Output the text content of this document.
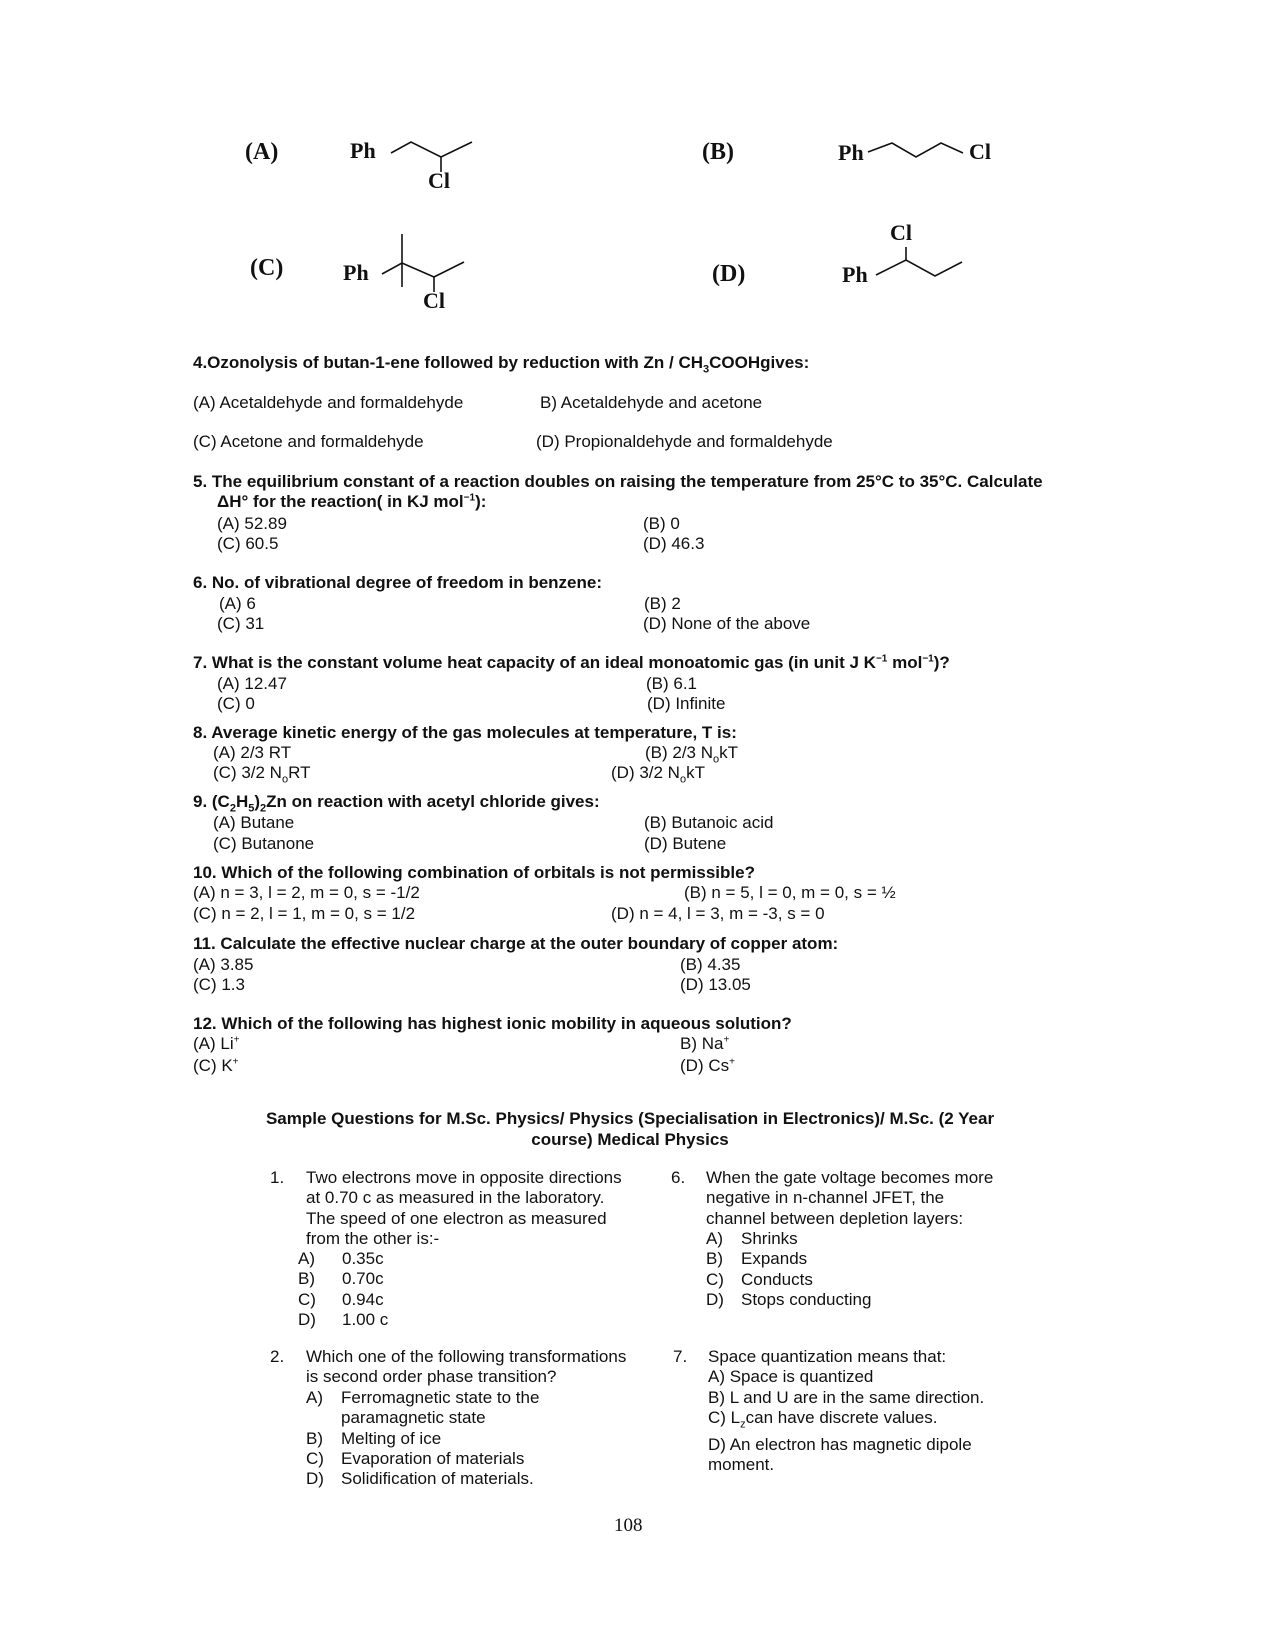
(A)	Ph
Cl
(B)	Ph	Cl
(C)	Ph
Cl
Cl
(D)	Ph
4.Ozonolysis of butan-1-ene followed by reduction with Zn / $CH_3COOHgives$:
(A) Acetaldehyde and formaldehyde	B) Acetaldehyde and acetone
(C) Acetone and formaldehyde	(D) Propionaldehyde and formaldehyde
5. The equilibrium constant of a reaction doubles on raising the temperature from 25°C to 35°C. Calculate
ΔH° for the reaction( in KJ mol$^{-1}$):
(A) 52.89	(B) 0
(C) 60.5	(D) 46.3
6. No. of vibrational degree of freedom in benzene:
(A) 6	(B) 2
(C) 31	(D) None of the above
7. What is the constant volume heat capacity of an ideal monoatomic gas (in unit J $K^{-1}$ mol$^{-1}$)?
(A) 12.47	(B) 6.1
(C) 0	(D) Infinite
8. Average kinetic energy of the gas molecules at temperature, T is:
(A) 2/3 RT	(B) 2/3 $N_okT$
(C) 3/2 $N_oRT$	(D) 3/2 $N_okT$
9. $(C_2H_5)_2Zn$ on reaction with acetyl chloride gives:
(A) Butane	(B) Butanoic acid
(C) Butanone	(D) Butene
10. Which of the following combination of orbitals is not permissible?
(A) n = 3, l = 2, m = 0, s = -1/2	(B) n = 5, l = 0, m = 0, s = ½
(C) n = 2, l = 1, m = 0, s = 1/2	(D) n = 4, l = 3, m = -3, s = 0
11. Calculate the effective nuclear charge at the outer boundary of copper atom:
(A) 3.85	(B) 4.35
(C) 1.3	(D) 13.05
12. Which of the following has highest ionic mobility in aqueous solution?
(A) Li+	B) Na+
(C) K+	(D) Cs+
Sample Questions for M.Sc. Physics/ Physics (Specialisation in Electronics)/ M.Sc. (2 Year
course) Medical Physics
1. Two electrons move in opposite directions
at 0.70 c as measured in the laboratory.
The speed of one electron as measured
from the other is:-
A) 0.35c
B) 0.70c
C) 0.94c
D) 1.00 c
2. Which one of the following transformations
is second order phase transition?
A) Ferromagnetic state to the
paramagnetic state
B) Melting of ice
C) Evaporation of materials
D) Solidification of materials.
6. When the gate voltage becomes more
negative in n-channel JFET, the
channel between depletion layers:
A) Shrinks
B) Expands
C) Conducts
D) Stops conducting
7. Space quantization means that:
A) Space is quantized
B) L and U are in the same direction.
C) $L_zcan$ have discrete values.
D) An electron has magnetic dipole
moment.
108
